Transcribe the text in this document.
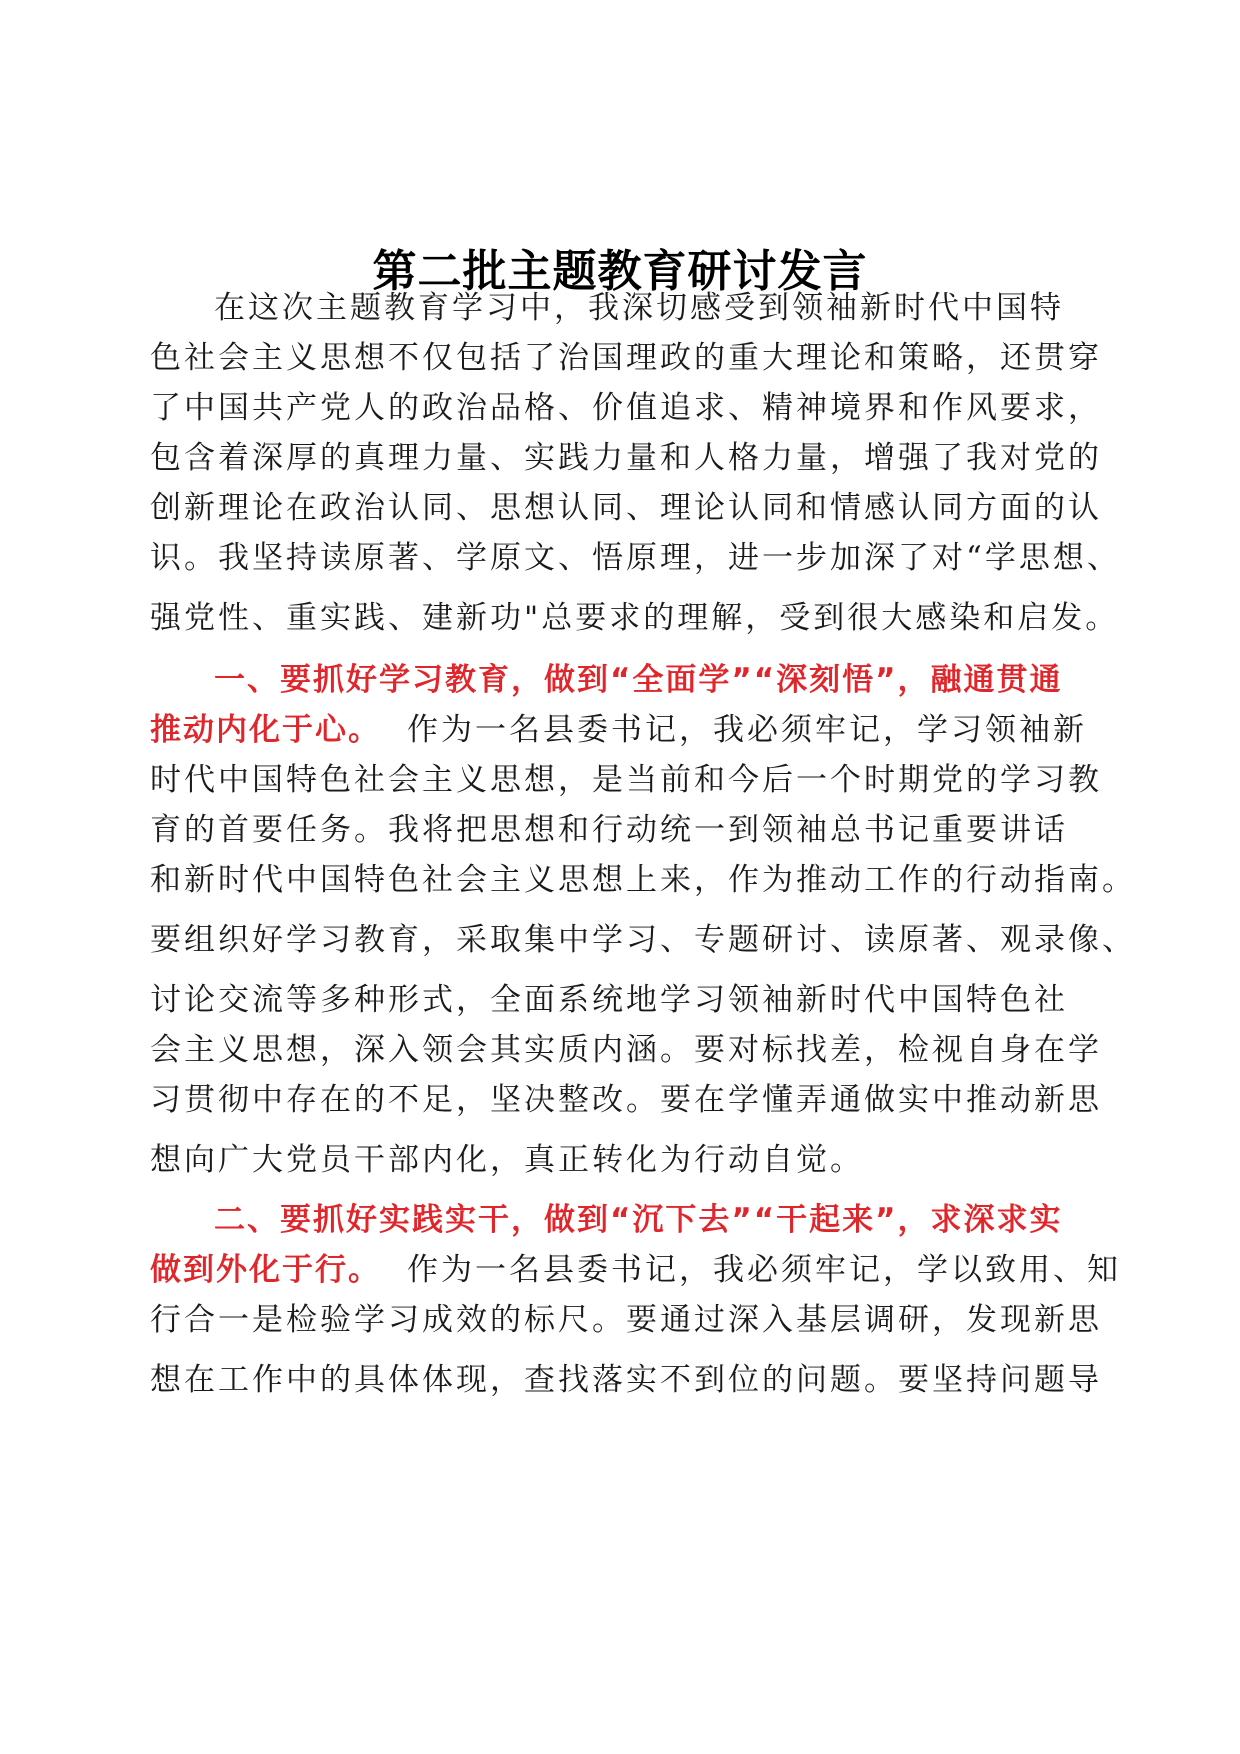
第二批主题教育研讨发言

在这次主题教育学习中，我深切感受到领袖新时代中国特

色社会主义思想不仅包括了治国理政的重大理论和策略，还贯穿

了中国共产党人的政治品格、价值追求、精神境界和作风要求，

包含着深厚的真理力量、实践力量和人格力量，增强了我对党的

创新理论在政治认同、思想认同、理论认同和情感认同方面的认

识。我坚持读原著、学原文、悟原理，进一步加深了对“学思想、

强党性、重实践、建新功"总要求的理解，受到很大感染和启发。

一、要抓好学习教育，做到“全面学”“深刻悟”，融通贯通

推动内化于心。 作为一名县委书记，我必须牢记，学习领袖新

时代中国特色社会主义思想，是当前和今后一个时期党的学习教

育的首要任务。我将把思想和行动统一到领袖总书记重要讲话

和新时代中国特色社会主义思想上来，作为推动工作的行动指南。

要组织好学习教育，采取集中学习、专题研讨、读原著、观录像、

讨论交流等多种形式，全面系统地学习领袖新时代中国特色社

会主义思想，深入领会其实质内涵。要对标找差，检视自身在学

习贯彻中存在的不足，坚决整改。要在学懂弄通做实中推动新思

想向广大党员干部内化，真正转化为行动自觉。

二、要抓好实践实干，做到“沉下去”“干起来”，求深求实

做到外化于行。 作为一名县委书记，我必须牢记，学以致用、知

行合一是检验学习成效的标尺。要通过深入基层调研，发现新思

想在工作中的具体体现，查找落实不到位的问题。要坚持问题导
